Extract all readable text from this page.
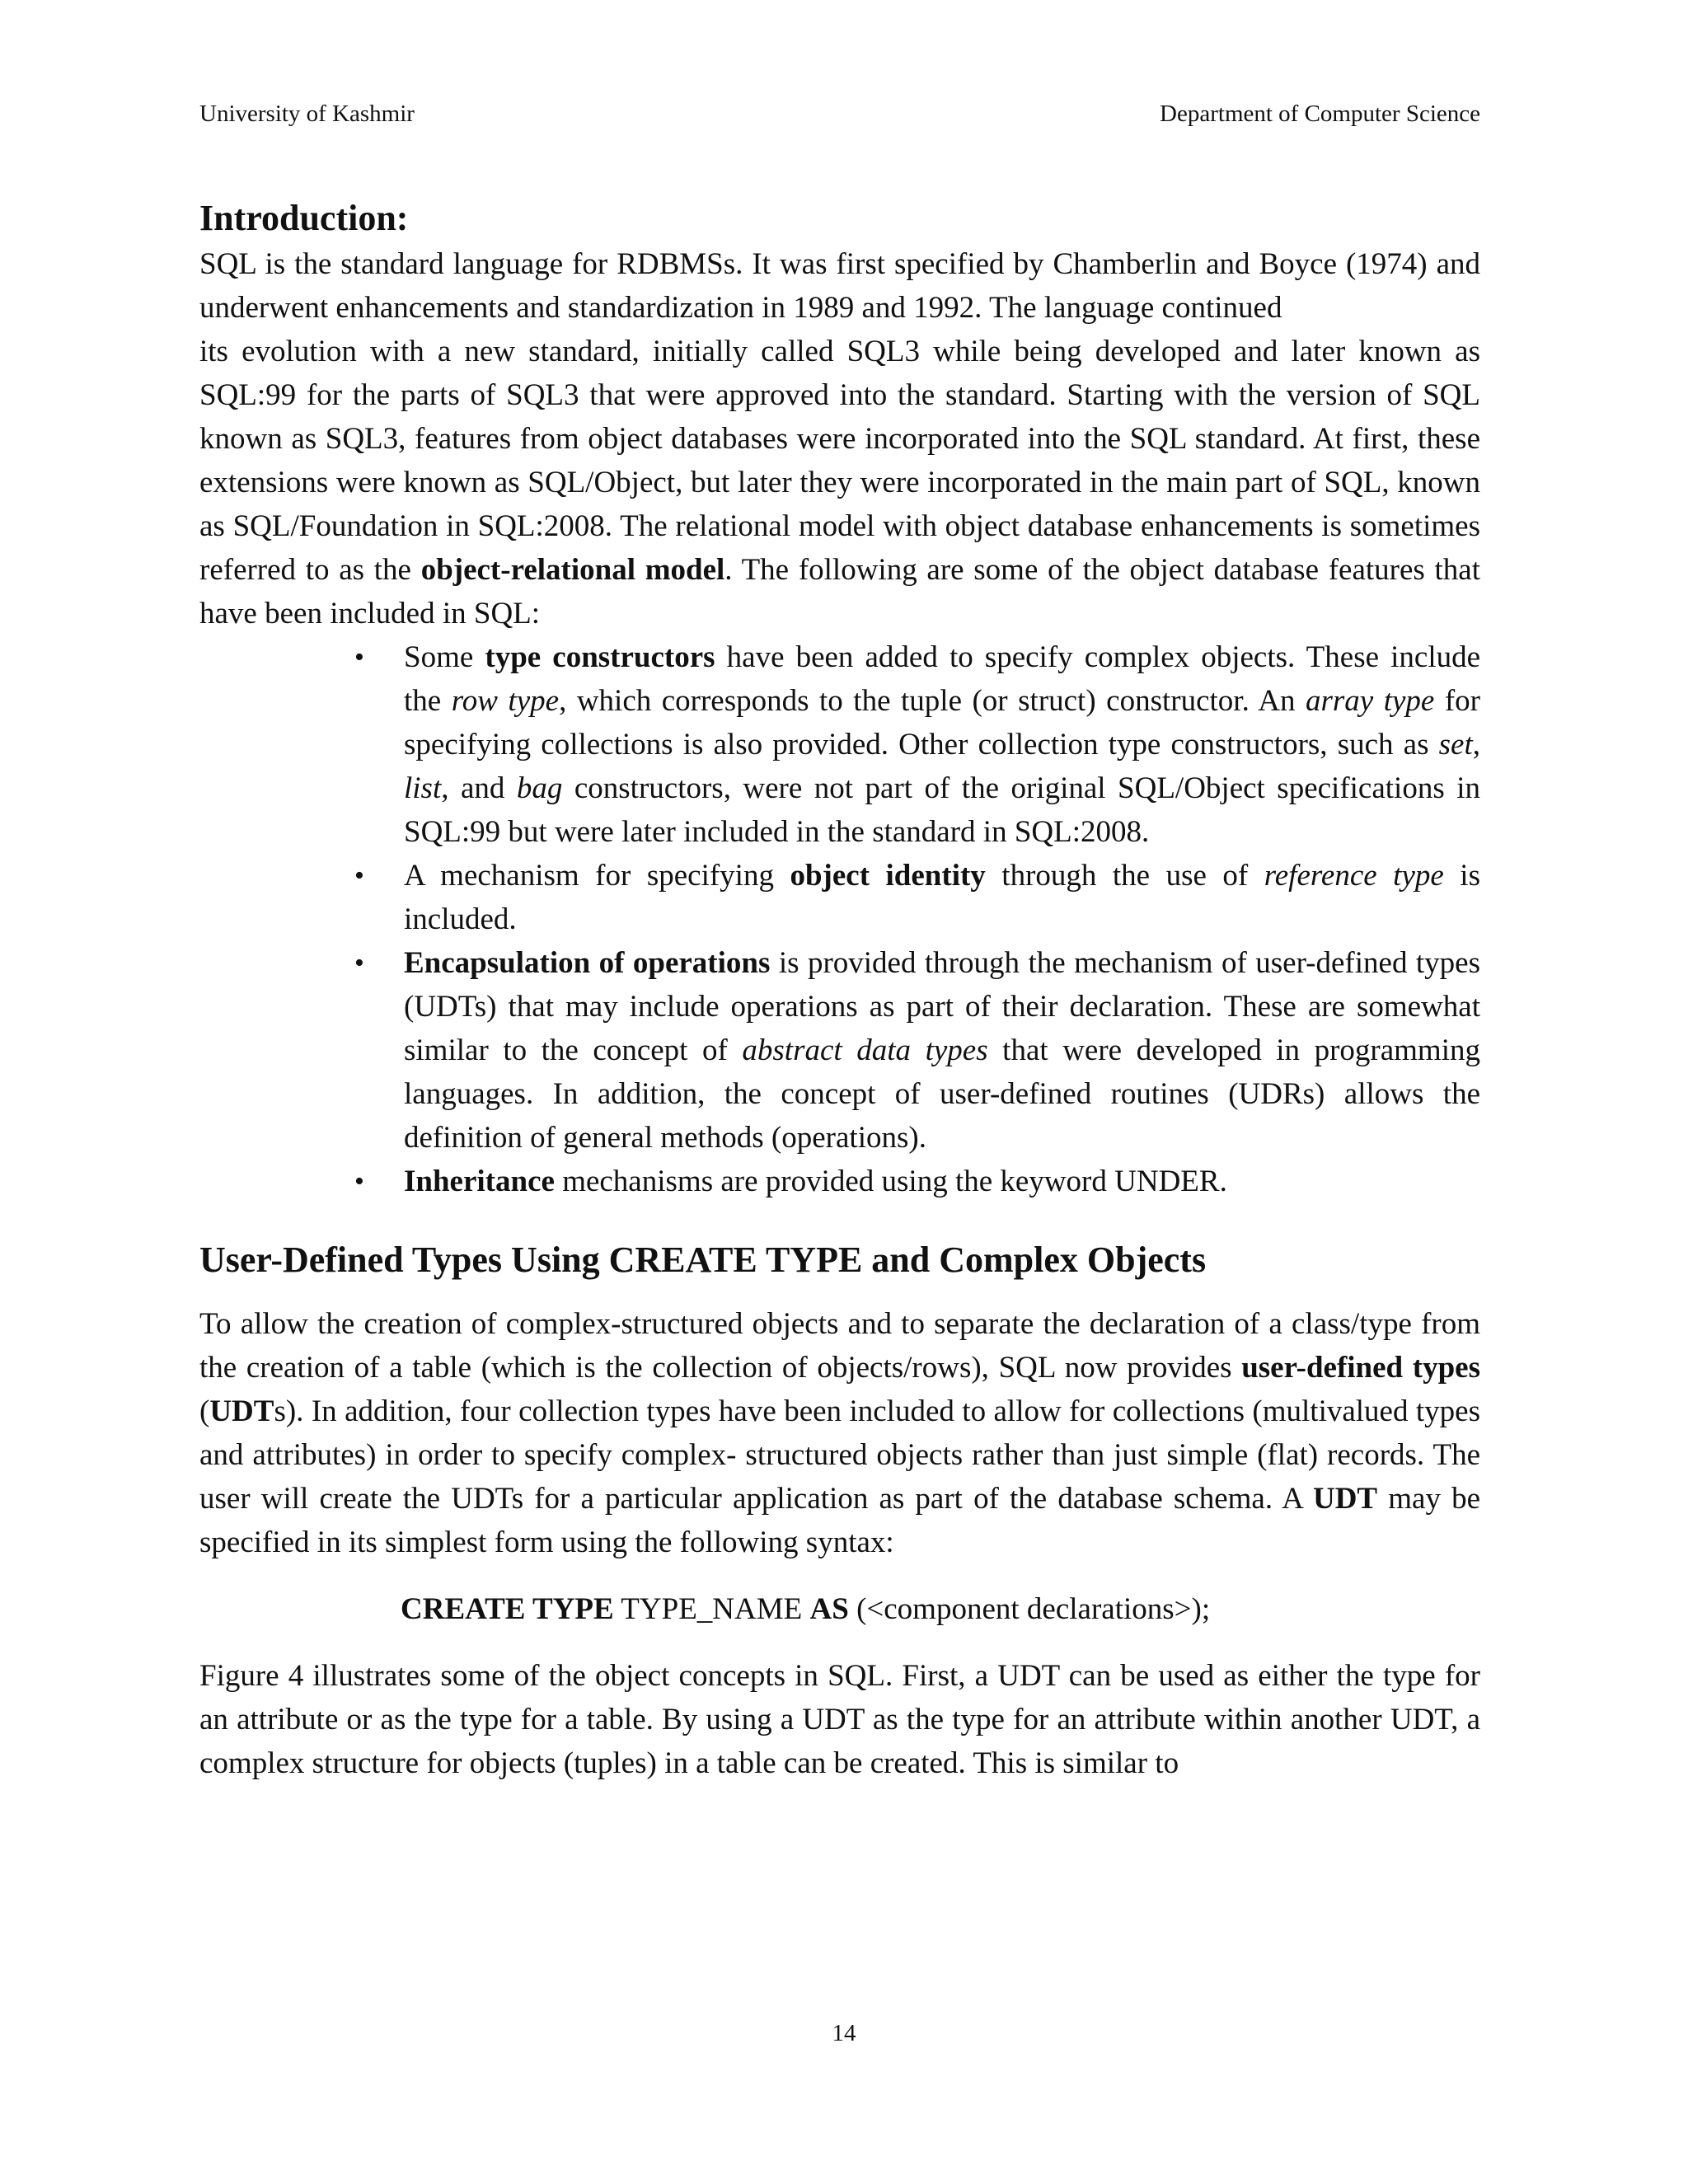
University of Kashmir	Department of Computer Science
Introduction:

SQL is the standard language for RDBMSs. It was first specified by Chamberlin and Boyce (1974) and underwent enhancements and standardization in 1989 and 1992. The language continued

its evolution with a new standard, initially called SQL3 while being developed and later known as SQL:99 for the parts of SQL3 that were approved into the standard. Starting with the version of SQL known as SQL3, features from object databases were incorporated into the SQL standard. At first, these extensions were known as SQL/Object, but later they were incorporated in the main part of SQL, known as SQL/Foundation in SQL:2008. The relational model with object database enhancements is sometimes referred to as the object-relational model. The following are some of the object database features that have been included in SQL:

• Some type constructors have been added to specify complex objects. These include the row type, which corresponds to the tuple (or struct) constructor. An array type for specifying collections is also provided. Other collection type constructors, such as set, list, and bag constructors, were not part of the original SQL/Object specifications in SQL:99 but were later included in the standard in SQL:2008.
• A mechanism for specifying object identity through the use of reference type is included.
• Encapsulation of operations is provided through the mechanism of user-defined types (UDTs) that may include operations as part of their declaration. These are somewhat similar to the concept of abstract data types that were developed in programming languages. In addition, the concept of user-defined routines (UDRs) allows the definition of general methods (operations).
• Inheritance mechanisms are provided using the keyword UNDER.
User-Defined Types Using CREATE TYPE and Complex Objects

To allow the creation of complex-structured objects and to separate the declaration of a class/type from the creation of a table (which is the collection of objects/rows), SQL now provides user-defined types (UDTs). In addition, four collection types have been included to allow for collections (multivalued types and attributes) in order to specify complex- structured objects rather than just simple (flat) records. The user will create the UDTs for a particular application as part of the database schema. A UDT may be specified in its simplest form using the following syntax:

CREATE TYPE TYPE_NAME AS (<component declarations>);

Figure 4 illustrates some of the object concepts in SQL. First, a UDT can be used as either the type for an attribute or as the type for a table. By using a UDT as the type for an attribute within another UDT, a complex structure for objects (tuples) in a table can be created. This is similar to

14
